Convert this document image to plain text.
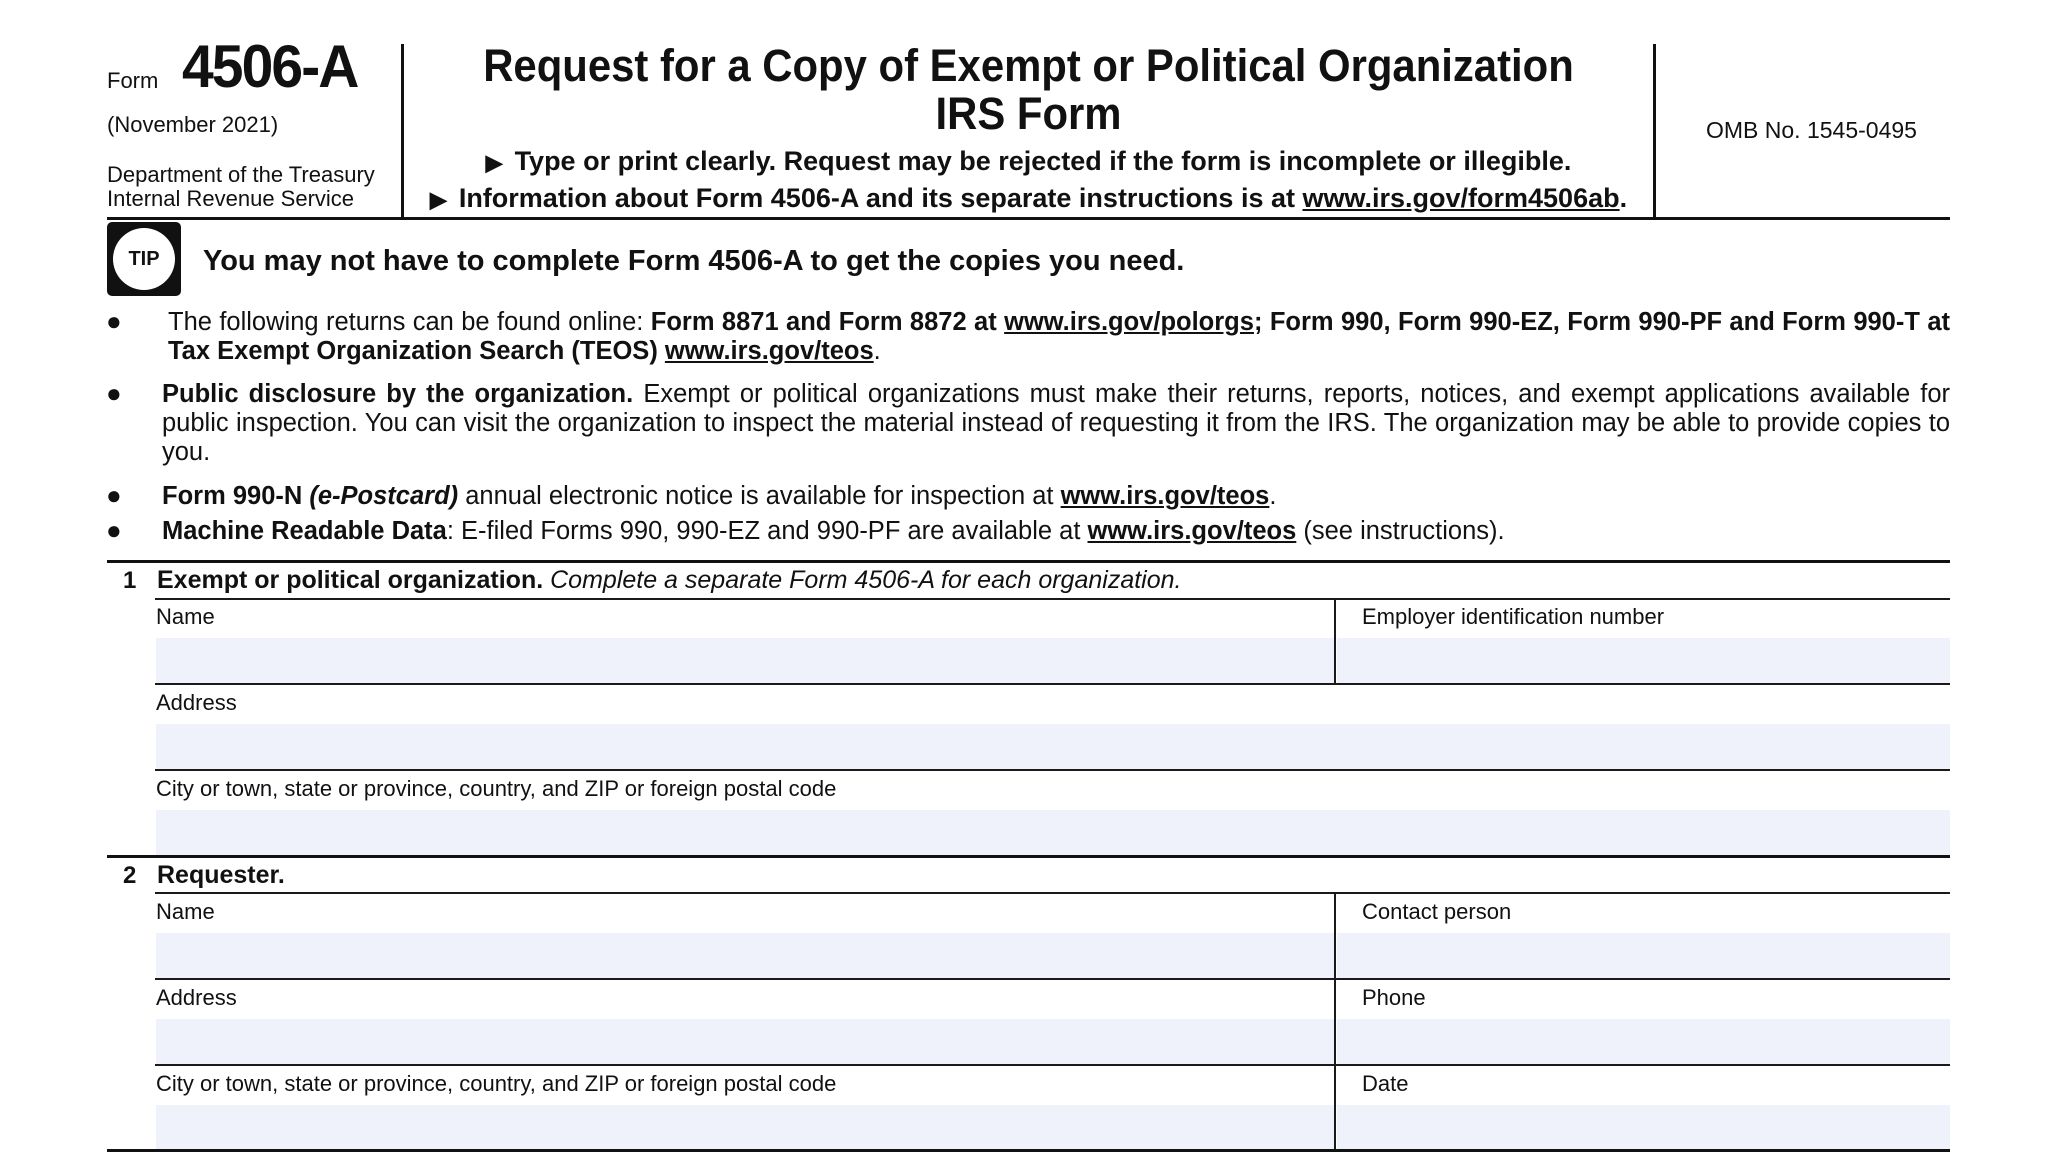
Form 4506-A
(November 2021)
Department of the Treasury
Internal Revenue Service
Request for a Copy of Exempt or Political Organization
IRS Form
▶ Type or print clearly. Request may be rejected if the form is incomplete or illegible.
▶ Information about Form 4506-A and its separate instructions is at www.irs.gov/form4506ab.
OMB No. 1545-0495
TIP	You may not have to complete Form 4506-A to get the copies you need.
● The following returns can be found online: Form 8871 and Form 8872 at www.irs.gov/polorgs; Form 990, Form 990-EZ, Form 990-PF and Form 990-T at Tax Exempt Organization Search (TEOS) www.irs.gov/teos.
● Public disclosure by the organization. Exempt or political organizations must make their returns, reports, notices, and exempt applications available for public inspection. You can visit the organization to inspect the material instead of requesting it from the IRS. The organization may be able to provide copies to you.
● Form 990-N (e-Postcard) annual electronic notice is available for inspection at www.irs.gov/teos.
● Machine Readable Data: E-filed Forms 990, 990-EZ and 990-PF are available at www.irs.gov/teos (see instructions).
1 Exempt or political organization. Complete a separate Form 4506-A for each organization.
Name	Employer identification number
Address
City or town, state or province, country, and ZIP or foreign postal code
2 Requester.
Name	Contact person
Address	Phone
City or town, state or province, country, and ZIP or foreign postal code	Date
